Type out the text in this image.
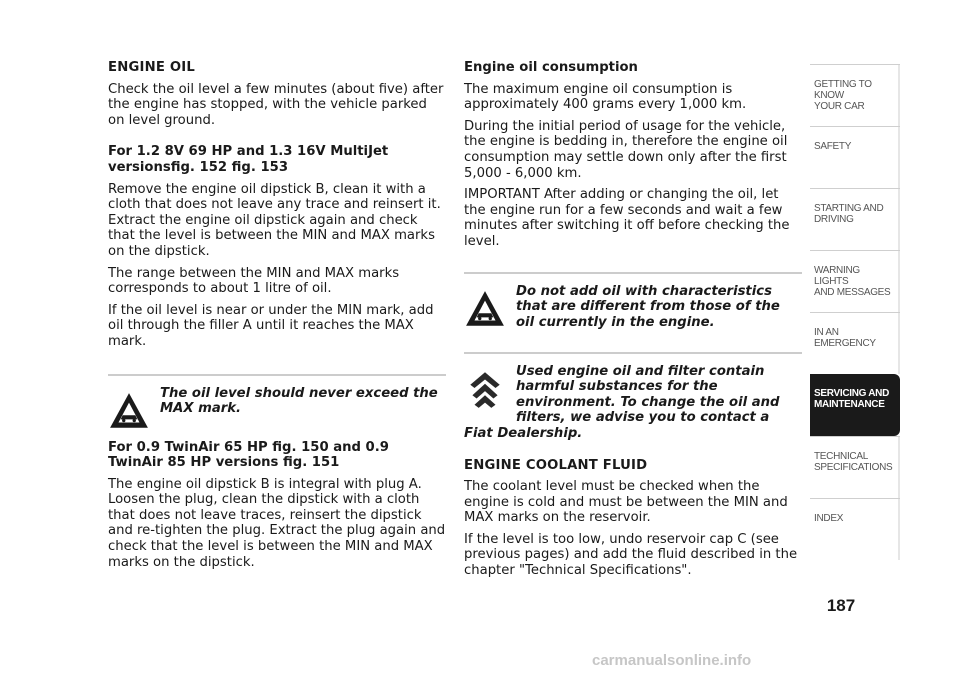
ENGINE OIL

Check the oil level a few minutes (about five) after the engine has stopped, with the vehicle parked on level ground.

For 1.2 8V 69 HP and 1.3 16V MultiJet versionsfig. 152 fig. 153

Remove the engine oil dipstick B, clean it with a cloth that does not leave any trace and reinsert it. Extract the engine oil dipstick again and check that the level is between the MIN and MAX marks on the dipstick.

The range between the MIN and MAX marks corresponds to about 1 litre of oil.

If the oil level is near or under the MIN mark, add oil through the filler A until it reaches the MAX mark.

The oil level should never exceed the MAX mark.

For 0.9 TwinAir 65 HP fig. 150 and 0.9 TwinAir 85 HP versions fig. 151

The engine oil dipstick B is integral with plug A. Loosen the plug, clean the dipstick with a cloth that does not leave traces, reinsert the dipstick and re-tighten the plug. Extract the plug again and check that the level is between the MIN and MAX marks on the dipstick.

Engine oil consumption

The maximum engine oil consumption is approximately 400 grams every 1,000 km.

During the initial period of usage for the vehicle, the engine is bedding in, therefore the engine oil consumption may settle down only after the first 5,000 - 6,000 km.

IMPORTANT After adding or changing the oil, let the engine run for a few seconds and wait a few minutes after switching it off before checking the level.

Do not add oil with characteristics that are different from those of the oil currently in the engine.

Used engine oil and filter contain harmful substances for the environment. To change the oil and filters, we advise you to contact a Fiat Dealership.

ENGINE COOLANT FLUID

The coolant level must be checked when the engine is cold and must be between the MIN and MAX marks on the reservoir.

If the level is too low, undo reservoir cap C (see previous pages) and add the fluid described in the chapter "Technical Specifications".

GETTING TO KNOW
YOUR CAR
SAFETY
STARTING AND
DRIVING
WARNING LIGHTS
AND MESSAGES
IN AN EMERGENCY
SERVICING AND
MAINTENANCE
TECHNICAL
SPECIFICATIONS
INDEX
187
carmanualsonline.info
